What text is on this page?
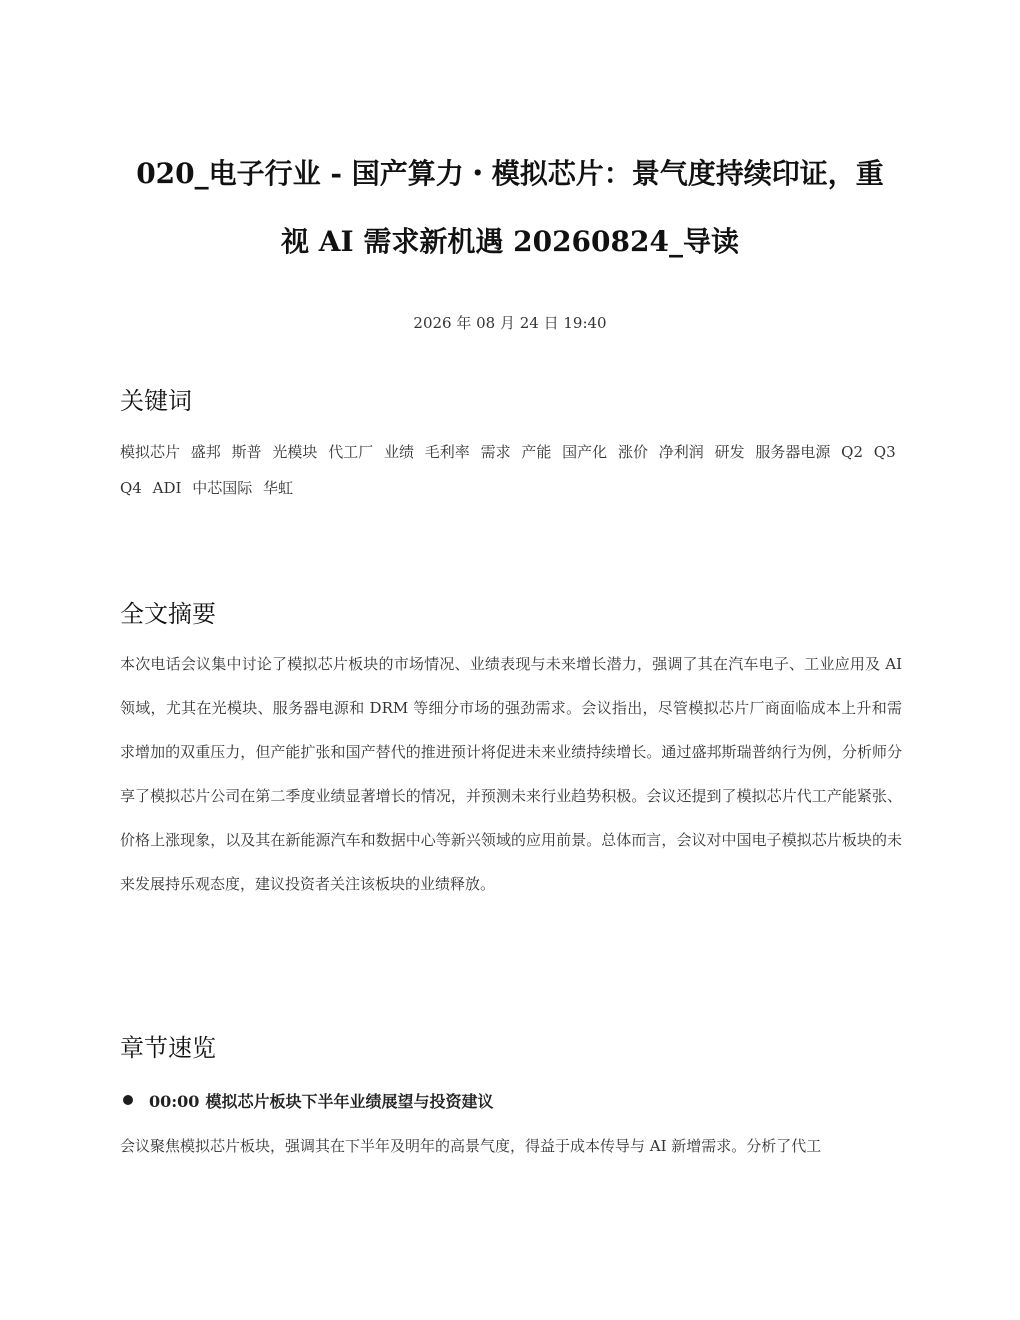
020_电子行业 - 国产算力・模拟芯片：景气度持续印证，重
视 AI 需求新机遇 20260824_导读

2026 年 08 月 24 日 19:40

关键词

模拟芯片 盛邦 斯普 光模块 代工厂 业绩 毛利率 需求 产能 国产化 涨价 净利润 研发 服务器电源 Q2 Q3 Q4 ADI 中芯国际 华虹

全文摘要

本次电话会议集中讨论了模拟芯片板块的市场情况、业绩表现与未来增长潜力，强调了其在汽车电子、工业应用及 AI 领域，尤其在光模块、服务器电源和 DRM 等细分市场的强劲需求。会议指出，尽管模拟芯片厂商面临成本上升和需求增加的双重压力，但产能扩张和国产替代的推进预计将促进未来业绩持续增长。通过盛邦斯瑞普纳行为例，分析师分享了模拟芯片公司在第二季度业绩显著增长的情况，并预测未来行业趋势积极。会议还提到了模拟芯片代工产能紧张、价格上涨现象，以及其在新能源汽车和数据中心等新兴领域的应用前景。总体而言，会议对中国电子模拟芯片板块的未来发展持乐观态度，建议投资者关注该板块的业绩释放。

章节速览
00:00 模拟芯片板块下半年业绩展望与投资建议

会议聚焦模拟芯片板块，强调其在下半年及明年的高景气度，得益于成本传导与 AI 新增需求。分析了代工
